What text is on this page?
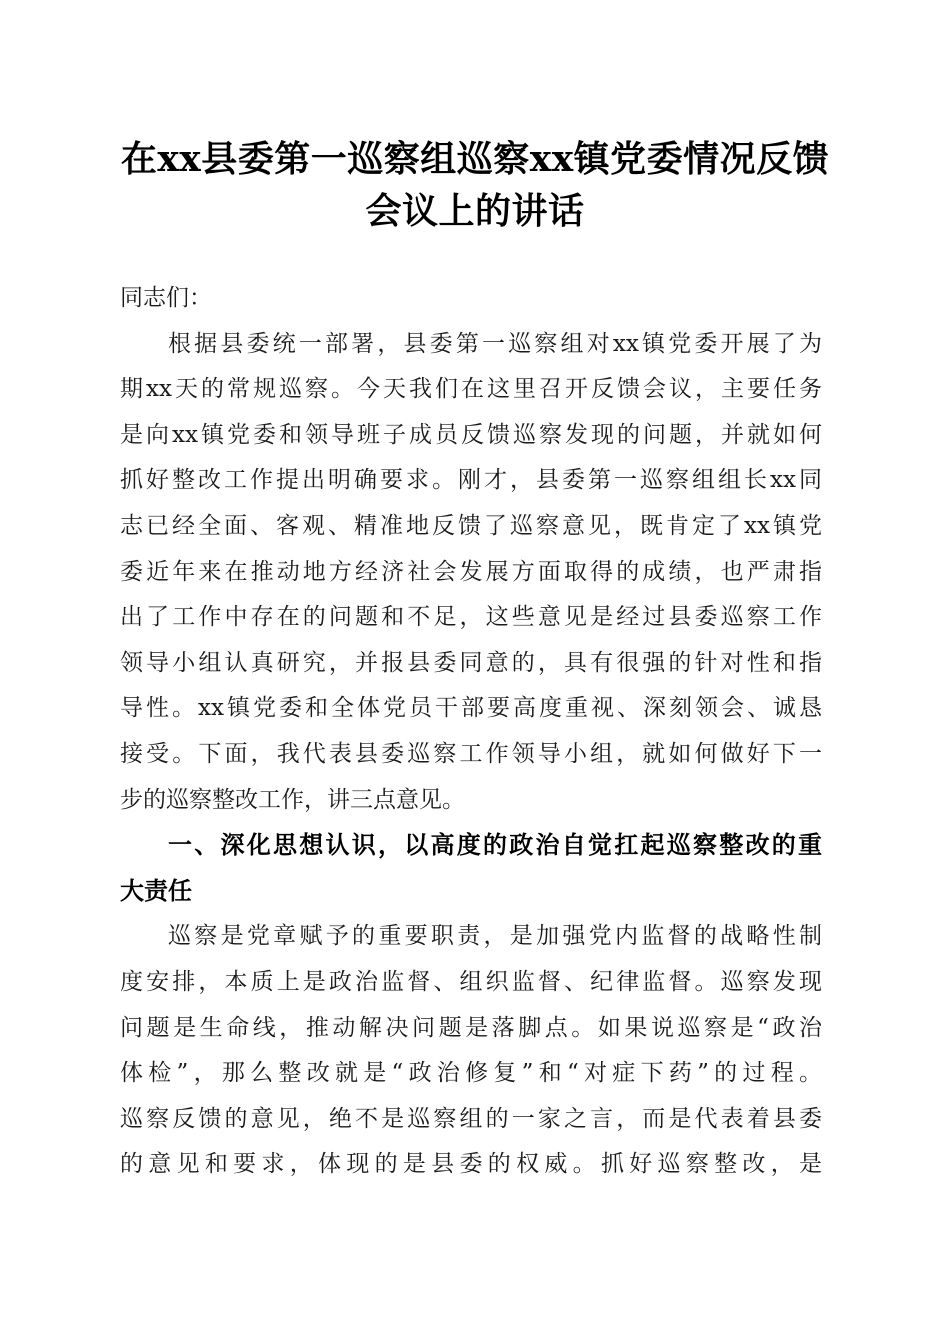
在xx县委第一巡察组巡察xx镇党委情况反馈
会议上的讲话
同志们：
根据县委统一部署，县委第一巡察组对xx镇党委开展了为
期xx天的常规巡察。今天我们在这里召开反馈会议，主要任务
是向xx镇党委和领导班子成员反馈巡察发现的问题，并就如何
抓好整改工作提出明确要求。刚才，县委第一巡察组组长xx同
志已经全面、客观、精准地反馈了巡察意见，既肯定了xx镇党
委近年来在推动地方经济社会发展方面取得的成绩，也严肃指
出了工作中存在的问题和不足，这些意见是经过县委巡察工作
领导小组认真研究，并报县委同意的，具有很强的针对性和指
导性。xx镇党委和全体党员干部要高度重视、深刻领会、诚恳
接受。下面，我代表县委巡察工作领导小组，就如何做好下一
步的巡察整改工作，讲三点意见。
一、深化思想认识，以高度的政治自觉扛起巡察整改的重
大责任
巡察是党章赋予的重要职责，是加强党内监督的战略性制
度安排，本质上是政治监督、组织监督、纪律监督。巡察发现
问题是生命线，推动解决问题是落脚点。如果说巡察是“政治
体检”，那么整改就是“政治修复”和“对症下药”的过程。
巡察反馈的意见，绝不是巡察组的一家之言，而是代表着县委
的意见和要求，体现的是县委的权威。抓好巡察整改，是
